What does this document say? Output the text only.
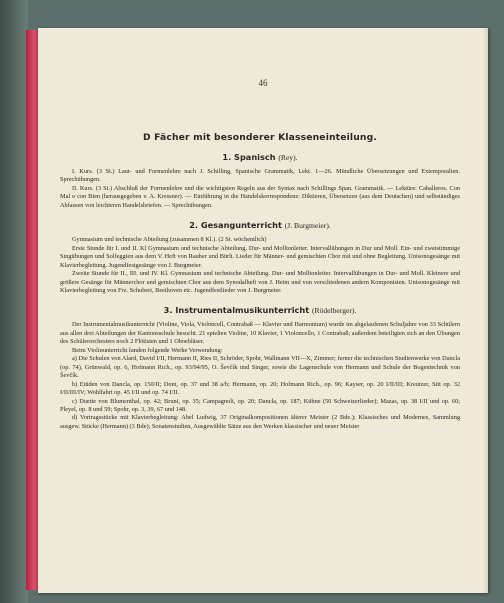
46
D Fächer mit besonderer Klasseneinteilung.
1. Spanisch (Rey).

I. Kurs. (3 St.) Laut- und Formenlehre nach J. Schilling, Spanische Grammatik, Lekt. 1—26. Mündliche Übersetzungen und Extemporalien. Sprechübungen.

II. Kurs. (3 St.) Abschluß der Formenlehre und die wichtigsten Regeln aus der Syntax nach Schillings Span. Grammatik. — Lektüre: Caballeros. Con Mal o con Bien (herausgegeben v. A. Kressner). — Einführung in die Handelskorrespondenz: Diktieren, Übersetzen (aus dem Deutschen) und selbständiges Abfassen von leichteren Handelsbriefen. — Sprechübungen.

2. Gesangunterricht (J. Burgmeier).

Gymnasium und technische Abteilung (zusammen 8 Kl.). (2 St. wöchentlich)

Erste Stunde für I. und II. Kl Gymnasium und technische Abteilung. Dur- und Molltonleiter. Intervallübungen in Dur und Moll. Ein- und zweistimmige Singübungen und Solfeggien aus dem V. Heft von Rauber und Bürli. Lieder für Männer- und gemischten Chor mit und ohne Begleitung. Unisonogesänge mit Klavierbegleitung. Jugendfestgesänge von J. Burgmeier.

Zweite Stunde für II., III. und IV. Kl. Gymnasium und technische Abteilung. Dur- und Molltonleiter. Intervallübungen in Dur- und Moll. Kleinere und größere Gesänge für Männerchor und gemischten Chor aus dem Synodalheft von J. Heim und von verschiedenen andern Komponisten. Unisonogesänge mit Klavierbegleitung von Frz. Schubert, Beethoven etc. Jugendfestlieder von J. Burgmeier.

3. Instrumentalmusikunterricht (Rödelberger).

Der Instrumentalmusikunterricht (Violine, Viola, Violoncell, Contrabaß — Klavier und Harmonium) wurde im abgelaufenen Schuljahre von 33 Schülern aus allen drei Abteilungen der Kantonsschule besucht. 21 spielten Violine, 10 Klavier, 1 Violoncello, 1 Contrabaß; außerdem beteiligten sich an den Übungen des Schülerorchesters noch 2 Flötisten und 1 Oboebläser.

Beim Violinunterricht fanden folgende Werke Verwendung:

a) Die Schulen von Alard, David I/II, Hermann II, Ries II, Schröder, Spohr, Wallmann VII—X, Zimmer; ferner die technischen Studienwerke von Dancla (op. 74), Grünwald, op. 6, Hofmann Rich., op. 93/94/95, O. Ševčík und Singer, sowie die Lagenschule von Hermann und Schule der Bogentechnik von Ševčík.

b) Etüden von Dancla, op. 150/II; Dont, op. 37 und 38 a/b; Hermann, op. 20; Hofmann Rich., op. 96; Kayser, op. 20 I/II/III; Kreutzer, Sitt op. 32 I/II/III/IV; Wohlfahrt op. 45 I/II und op. 74 I/II.

c) Duette von Blumenthal, op. 42; Bruni, op. 35; Campagnoli, op. 20; Dancla, op. 187; Kühne (50 Schweizerlieder); Mazas, op. 38 I/II und op. 60; Pleyel, op. 8 und 59; Spohr, op. 3, 39, 67 und 148.

d) Vortragsstücke mit Klavierbegleitung: Abel Ludwig, 37 Originalkompositionen älterer Meister (2 Bde.); Klassisches und Modernes, Sammlung ausgew. Stücke (Hermann) (3 Bde); Sonatenstudien, Ausgewählte Sätze aus den Werken klassischer und neuer Meister
